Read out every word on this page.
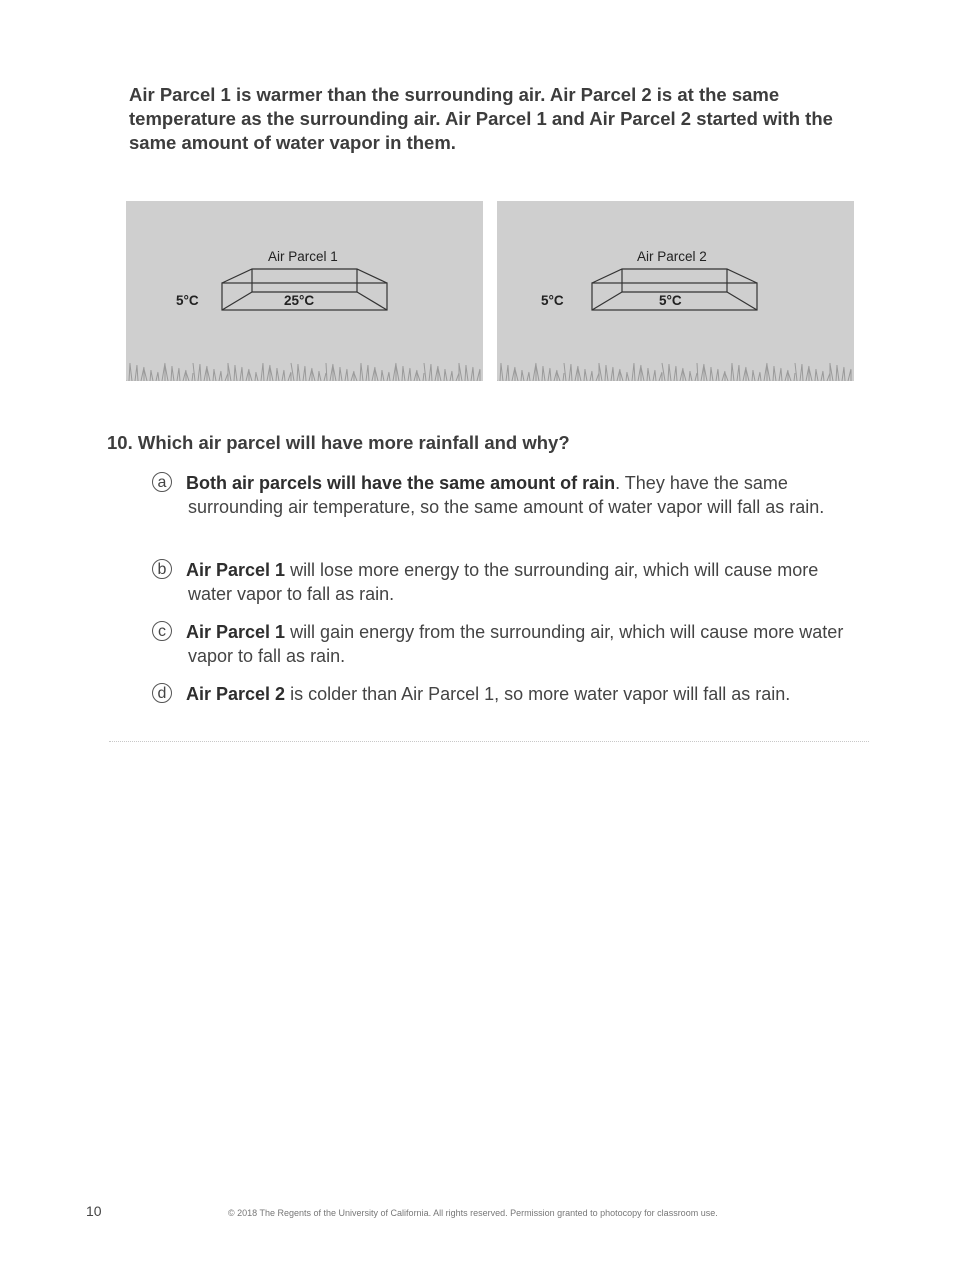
Air Parcel 1 is warmer than the surrounding air. Air Parcel 2 is at the same temperature as the surrounding air. Air Parcel 1 and Air Parcel 2 started with the same amount of water vapor in them.
Air Parcel 1
5°C	25°C
Air Parcel 2
5°C	5°C
10. Which air parcel will have more rainfall and why?
a	Both air parcels will have the same amount of rain. They have the same surrounding air temperature, so the same amount of water vapor will fall as rain.
b	Air Parcel 1 will lose more energy to the surrounding air, which will cause more water vapor to fall as rain.
c	Air Parcel 1 will gain energy from the surrounding air, which will cause more water vapor to fall as rain.
d	Air Parcel 2 is colder than Air Parcel 1, so more water vapor will fall as rain.
10	© 2018 The Regents of the University of California. All rights reserved. Permission granted to photocopy for classroom use.
